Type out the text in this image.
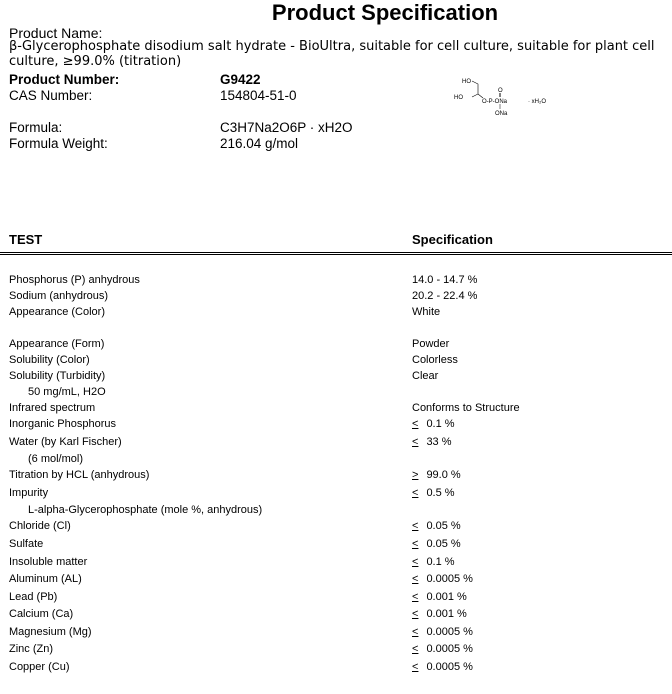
Product Specification
Product Name:
β-Glycerophosphate disodium salt hydrate - BioUltra, suitable for cell culture, suitable for plant cell culture, ≥99.0% (titration)
Product Number:	G9422
CAS Number:	154804-51-0
Formula:	C3H7Na2O6P · xH2O
Formula Weight:	216.04 g/mol
HO
HO
O
O-P-ONa
ONa
· xH₂O
TEST	Specification
Phosphorus (P) anhydrous	14.0 - 14.7 %
Sodium (anhydrous)	20.2 - 22.4 %
Appearance (Color)	White
Appearance (Form)	Powder
Solubility (Color)	Colorless
Solubility (Turbidity)	Clear
50 mg/mL, H2O
Infrared spectrum	Conforms to Structure
Inorganic Phosphorus	< 0.1 %
Water (by Karl Fischer)	< 33 %
(6 mol/mol)
Titration by HCL (anhydrous)	> 99.0 %
Impurity	< 0.5 %
L-alpha-Glycerophosphate (mole %, anhydrous)
Chloride (Cl)	< 0.05 %
Sulfate	< 0.05 %
Insoluble matter	< 0.1 %
Aluminum (AL)	< 0.0005 %
Lead (Pb)	< 0.001 %
Calcium (Ca)	< 0.001 %
Magnesium (Mg)	< 0.0005 %
Zinc (Zn)	< 0.0005 %
Copper (Cu)	< 0.0005 %
